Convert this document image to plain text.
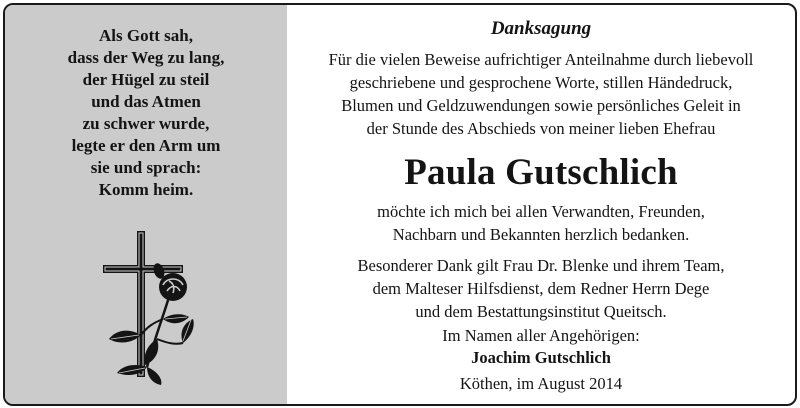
Als Gott sah,
dass der Weg zu lang,
der Hügel zu steil
und das Atmen
zu schwer wurde,
legte er den Arm um
sie und sprach:
Komm heim.
Danksagung
Für die vielen Beweise aufrichtiger Anteilnahme durch liebevoll
geschriebene und gesprochene Worte, stillen Händedruck,
Blumen und Geldzuwendungen sowie persönliches Geleit in
der Stunde des Abschieds von meiner lieben Ehefrau
Paula Gutschlich
möchte ich mich bei allen Verwandten, Freunden,
Nachbarn und Bekannten herzlich bedanken.
Besonderer Dank gilt Frau Dr. Blenke und ihrem Team,
dem Malteser Hilfsdienst, dem Redner Herrn Dege
und dem Bestattungsinstitut Queitsch.
Im Namen aller Angehörigen:
Joachim Gutschlich
Köthen, im August 2014
